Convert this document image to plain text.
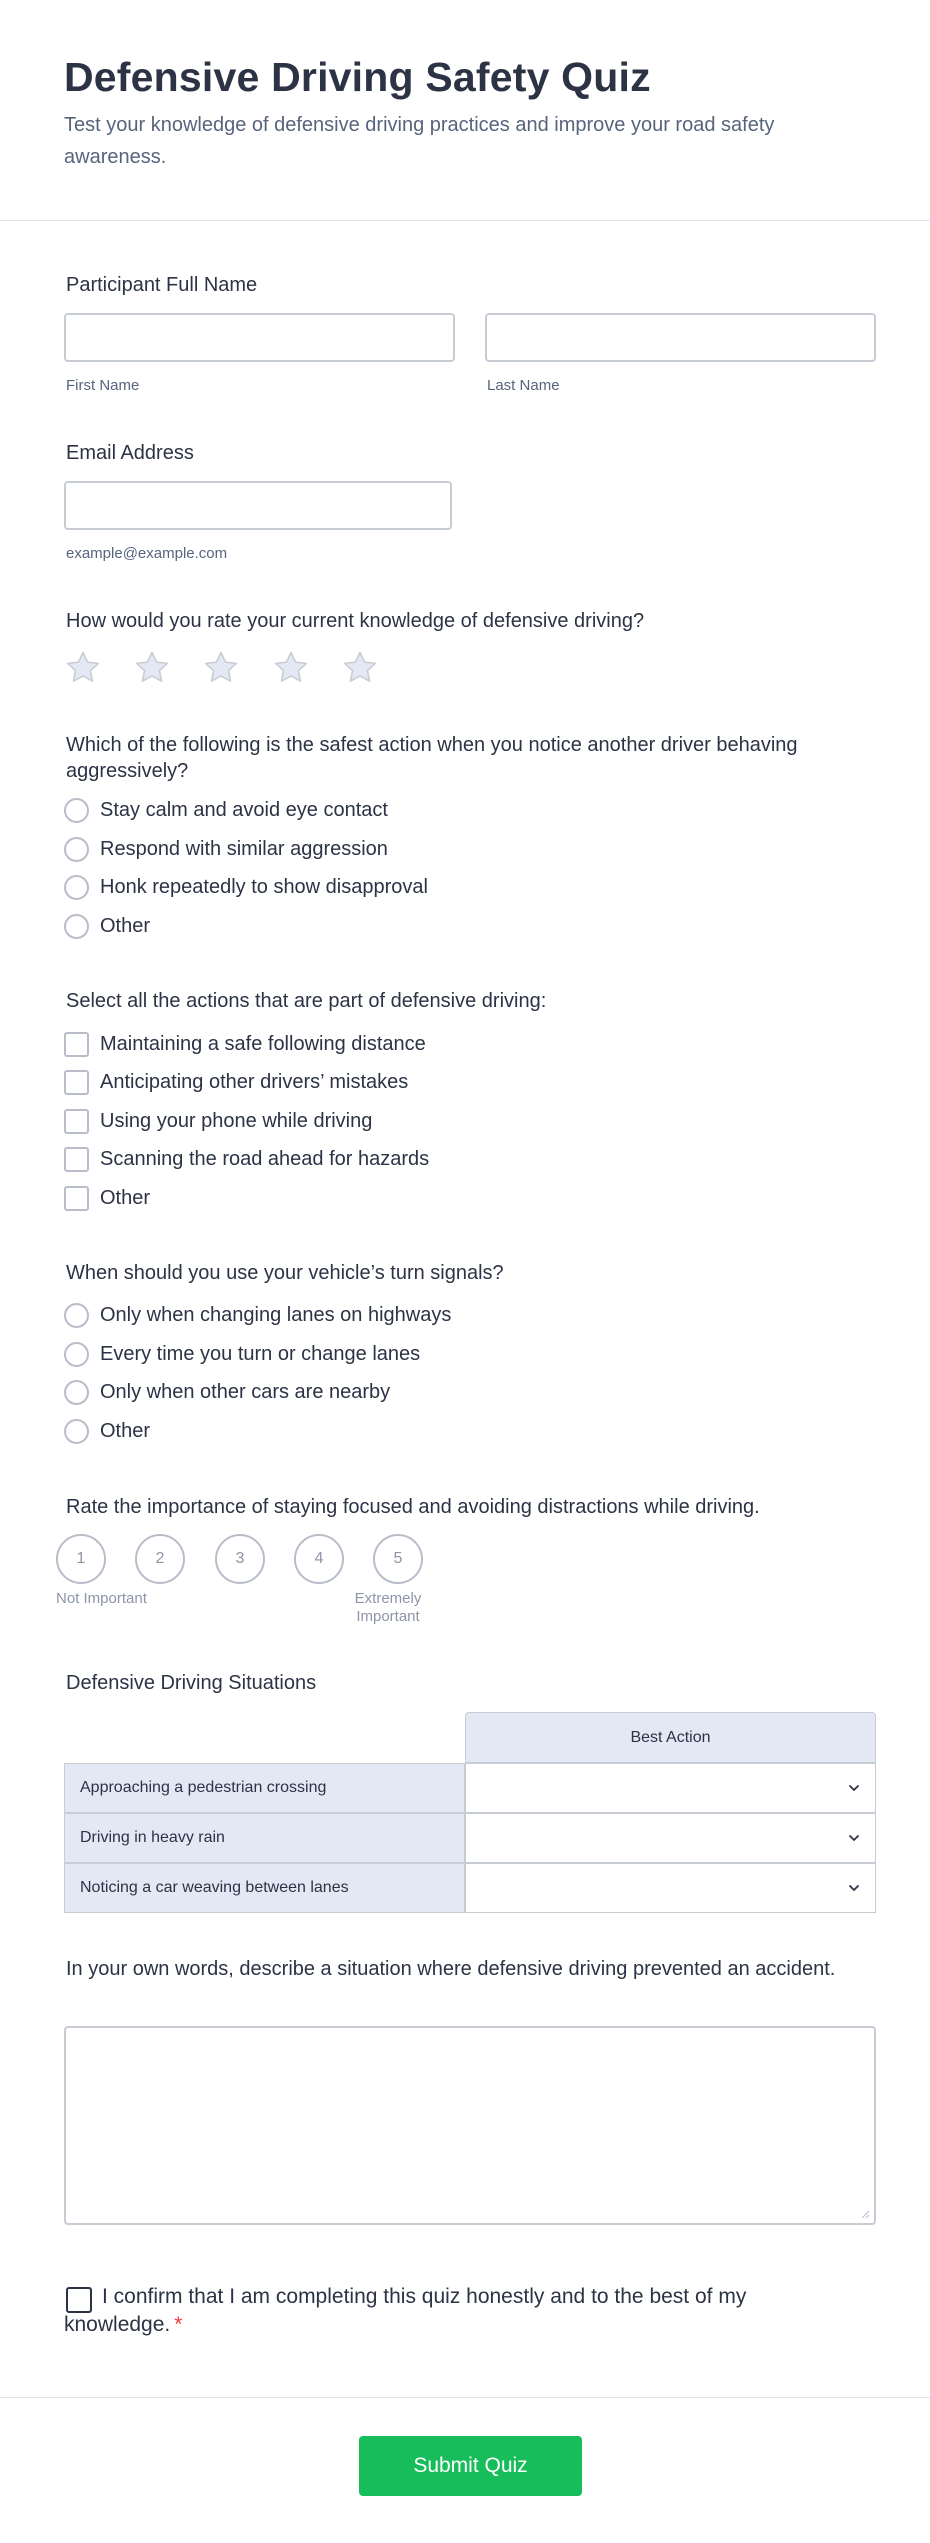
Defensive Driving Safety Quiz

Test your knowledge of defensive driving practices and improve your road safety awareness.

Participant Full Name
First Name	Last Name
Email Address
example@example.com
How would you rate your current knowledge of defensive driving?
Which of the following is the safest action when you notice another driver behaving aggressively?
Stay calm and avoid eye contact
Respond with similar aggression
Honk repeatedly to show disapproval
Other
Select all the actions that are part of defensive driving:
Maintaining a safe following distance
Anticipating other drivers’ mistakes
Using your phone while driving
Scanning the road ahead for hazards
Other
When should you use your vehicle’s turn signals?
Only when changing lanes on highways
Every time you turn or change lanes
Only when other cars are nearby
Other
Rate the importance of staying focused and avoiding distractions while driving.
1	2	3	4	5
Not Important	Extremely
Important
Defensive Driving Situations
Best Action
Approaching a pedestrian crossing
Driving in heavy rain
Noticing a car weaving between lanes
In your own words, describe a situation where defensive driving prevented an accident.
I confirm that I am completing this quiz honestly and to the best of my knowledge. *
Submit Quiz
